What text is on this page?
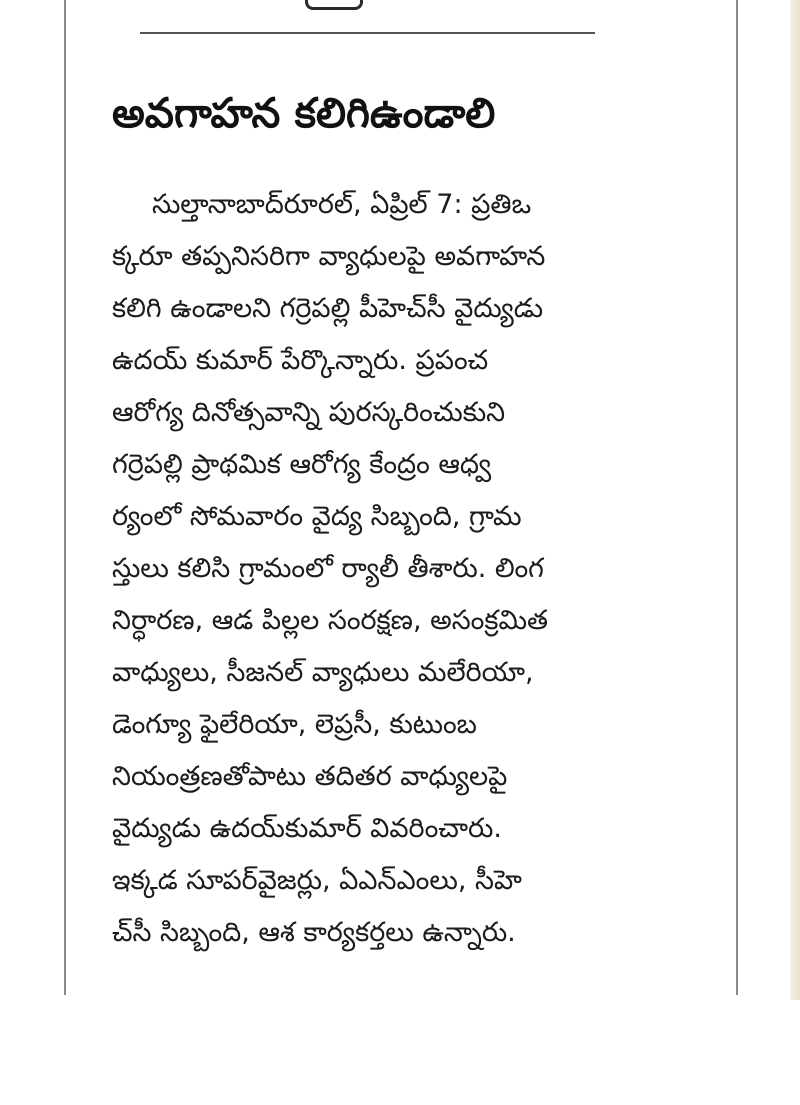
అవగాహన కలిగిఉండాలి

సుల్తానాబాద్‌రూరల్, ఏప్రిల్ 7: ప్రతిఒ

క్కరూ తప్పనిసరిగా వ్యాధులపై అవగాహన

కలిగి ఉండాలని గర్రెపల్లి పీహెచ్‌సీ వైద్యుడు

ఉదయ్ కుమార్ పేర్కొన్నారు. ప్రపంచ

ఆరోగ్య దినోత్సవాన్ని పురస్కరించుకుని

గర్రెపల్లి ప్రాథమిక ఆరోగ్య కేంద్రం ఆధ్వ

ర్యంలో సోమవారం వైద్య సిబ్బంది, గ్రామ

స్తులు కలిసి గ్రామంలో ర్యాలీ తీశారు. లింగ

నిర్ధారణ, ఆడ పిల్లల సంరక్షణ, అసంక్రమిత

వాధ్యులు, సీజనల్ వ్యాధులు మలేరియా,

డెంగ్యూ ఫైలేరియా, లెప్రసీ, కుటుంబ

నియంత్రణతోపాటు తదితర వాధ్యులపై

వైద్యుడు ఉదయ్‌కుమార్ వివరించారు.

ఇక్కడ సూపర్‌వైజర్లు, ఏఎన్‌ఎంలు, సీహె

చ్‌సీ సిబ్బంది, ఆశ కార్యకర్తలు ఉన్నారు.
